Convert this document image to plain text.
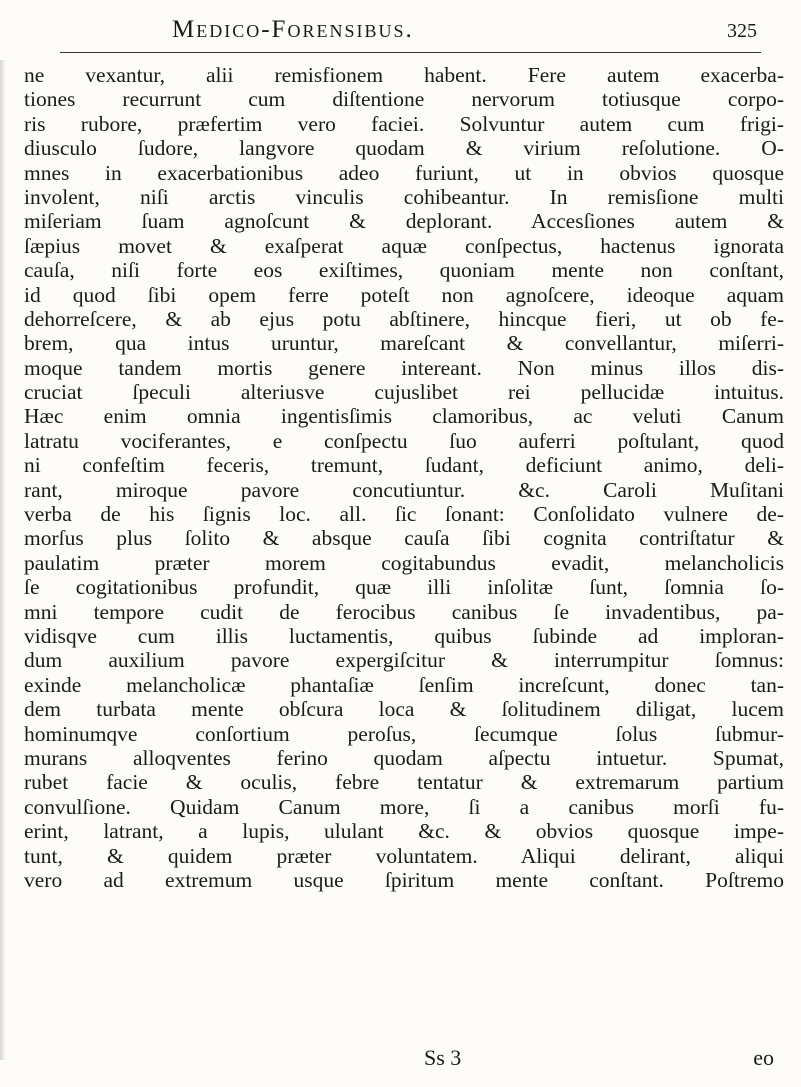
Medico-Forensibus.	325
ne vexantur, alii remisfionem habent. Fere autem exacerba-
tiones recurrunt cum diſtentione nervorum totiusque corpo-
ris rubore, præfertim vero faciei. Solvuntur autem cum frigi-
diusculo ſudore, langvore quodam & virium reſolutione. O-
mnes in exacerbationibus adeo furiunt, ut in obvios quosque
involent, niſi arctis vinculis cohibeantur. In remisſione multi
miſeriam ſuam agnoſcunt & deplorant. Accesſiones autem &
ſæpius movet & exaſperat aquæ conſpectus, hactenus ignorata
cauſa, niſi forte eos exiſtimes, quoniam mente non conſtant,
id quod ſibi opem ferre poteſt non agnoſcere, ideoque aquam
dehorreſcere, & ab ejus potu abſtinere, hincque fieri, ut ob fe-
brem, qua intus uruntur, mareſcant & convellantur, miſerri-
moque tandem mortis genere intereant. Non minus illos dis-
cruciat ſpeculi alteriusve cujuslibet rei pellucidæ intuitus.
Hæc enim omnia ingentisſimis clamoribus, ac veluti Canum
latratu vociferantes, e conſpectu ſuo auferri poſtulant, quod
ni confeſtim feceris, tremunt, ſudant, deficiunt animo, deli-
rant, miroque pavore concutiuntur. &c. Caroli Muſitani
verba de his ſignis loc. all. ſic ſonant: Conſolidato vulnere de-
morſus plus ſolito & absque cauſa ſibi cognita contriſtatur &
paulatim præter morem cogitabundus evadit, melancholicis
ſe cogitationibus profundit, quæ illi inſolitæ ſunt, ſomnia ſo-
mni tempore cudit de ferocibus canibus ſe invadentibus, pa-
vidisqve cum illis luctamentis, quibus ſubinde ad imploran-
dum auxilium pavore expergiſcitur & interrumpitur ſomnus:
exinde melancholicæ phantaſiæ ſenſim increſcunt, donec tan-
dem turbata mente obſcura loca & ſolitudinem diligat, lucem
hominumqve conſortium peroſus, ſecumque ſolus ſubmur-
murans alloqventes ferino quodam aſpectu intuetur. Spumat,
rubet facie & oculis, febre tentatur & extremarum partium
convulſione. Quidam Canum more, ſi a canibus morſi fu-
erint, latrant, a lupis, ululant &c. & obvios quosque impe-
tunt, & quidem præter voluntatem. Aliqui delirant, aliqui
vero ad extremum usque ſpiritum mente conſtant. Poſtremo
Ss 3	eo
